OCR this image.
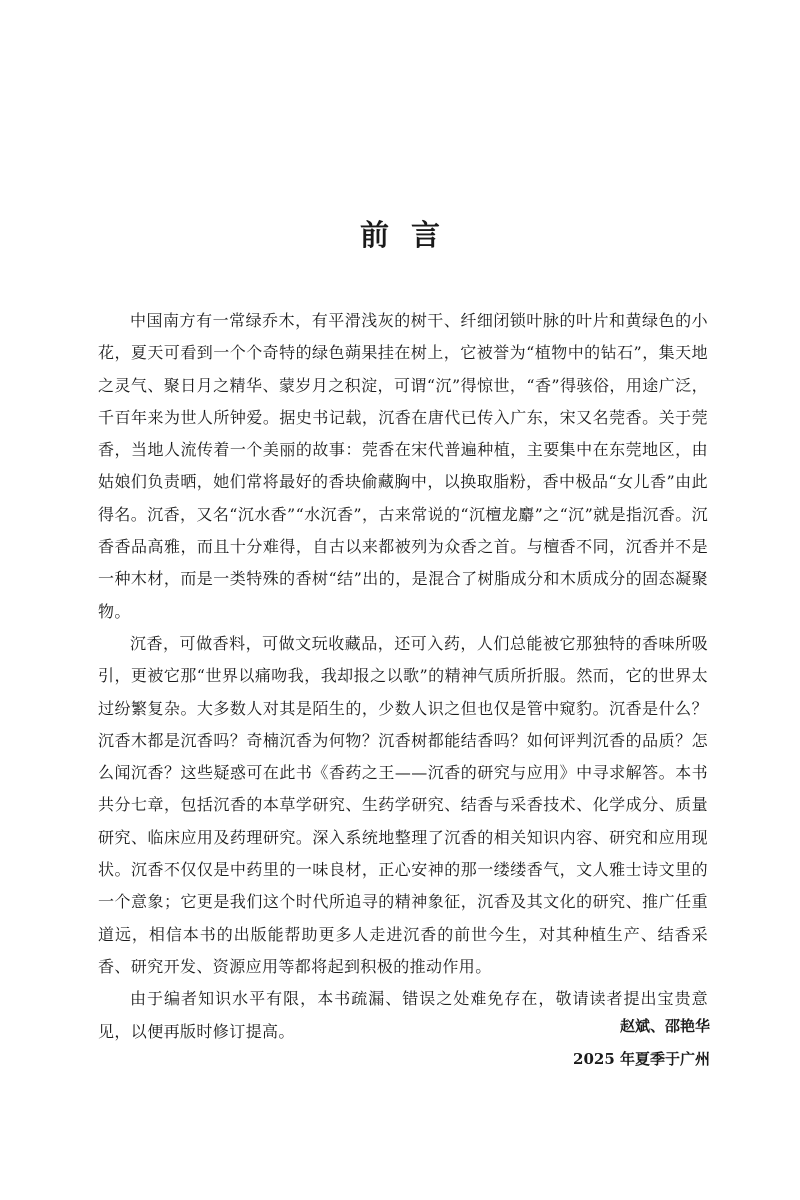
前言

中国南方有一常绿乔木，有平滑浅灰的树干、纤细闭锁叶脉的叶片和黄绿色的小花，夏天可看到一个个奇特的绿色蒴果挂在树上，它被誉为“植物中的钻石”，集天地之灵气、聚日月之精华、蒙岁月之积淀，可谓“沉”得惊世，“香”得骇俗，用途广泛，千百年来为世人所钟爱。据史书记载，沉香在唐代已传入广东，宋又名莞香。关于莞香，当地人流传着一个美丽的故事：莞香在宋代普遍种植，主要集中在东莞地区，由姑娘们负责晒，她们常将最好的香块偷藏胸中，以换取脂粉，香中极品“女儿香”由此得名。沉香，又名“沉水香”“水沉香”，古来常说的“沉檀龙麝”之“沉”就是指沉香。沉香香品高雅，而且十分难得，自古以来都被列为众香之首。与檀香不同，沉香并不是一种木材，而是一类特殊的香树“结”出的，是混合了树脂成分和木质成分的固态凝聚物。

沉香，可做香料，可做文玩收藏品，还可入药，人们总能被它那独特的香味所吸引，更被它那“世界以痛吻我，我却报之以歌”的精神气质所折服。然而，它的世界太过纷繁复杂。大多数人对其是陌生的，少数人识之但也仅是管中窥豹。沉香是什么？沉香木都是沉香吗？奇楠沉香为何物？沉香树都能结香吗？如何评判沉香的品质？怎么闻沉香？这些疑惑可在此书《香药之王——沉香的研究与应用》中寻求解答。本书共分七章，包括沉香的本草学研究、生药学研究、结香与采香技术、化学成分、质量研究、临床应用及药理研究。深入系统地整理了沉香的相关知识内容、研究和应用现状。沉香不仅仅是中药里的一味良材，正心安神的那一缕缕香气，文人雅士诗文里的一个意象；它更是我们这个时代所追寻的精神象征，沉香及其文化的研究、推广任重道远，相信本书的出版能帮助更多人走进沉香的前世今生，对其种植生产、结香采香、研究开发、资源应用等都将起到积极的推动作用。

由于编者知识水平有限，本书疏漏、错误之处难免存在，敬请读者提出宝贵意见，以便再版时修订提高。	赵斌、邵艳华

2025 年夏季于广州
